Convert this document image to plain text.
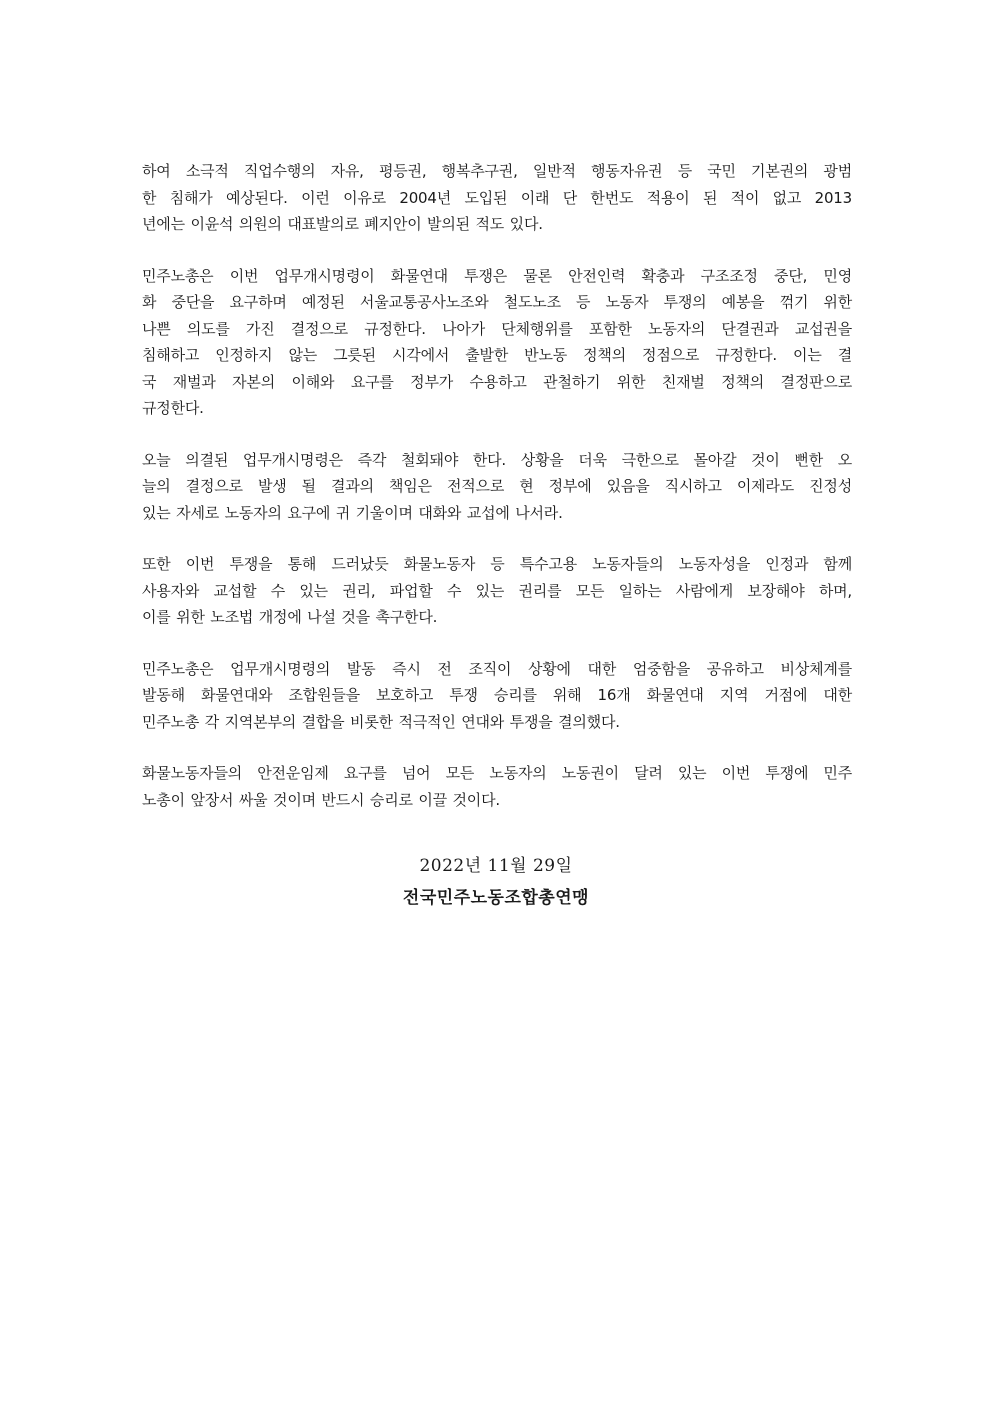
하여 소극적 직업수행의 자유, 평등권, 행복추구권, 일반적 행동자유권 등 국민 기본권의 광범
한 침해가 예상된다. 이런 이유로 2004년 도입된 이래 단 한번도 적용이 된 적이 없고 2013
년에는 이윤석 의원의 대표발의로 폐지안이 발의된 적도 있다.

민주노총은 이번 업무개시명령이 화물연대 투쟁은 물론 안전인력 확충과 구조조정 중단, 민영
화 중단을 요구하며 예정된 서울교통공사노조와 철도노조 등 노동자 투쟁의 예봉을 꺾기 위한
나쁜 의도를 가진 결정으로 규정한다. 나아가 단체행위를 포함한 노동자의 단결권과 교섭권을
침해하고 인정하지 않는 그릇된 시각에서 출발한 반노동 정책의 정점으로 규정한다. 이는 결
국 재벌과 자본의 이해와 요구를 정부가 수용하고 관철하기 위한 친재벌 정책의 결정판으로
규정한다.

오늘 의결된 업무개시명령은 즉각 철회돼야 한다. 상황을 더욱 극한으로 몰아갈 것이 뻔한 오
늘의 결정으로 발생 될 결과의 책임은 전적으로 현 정부에 있음을 직시하고 이제라도 진정성
있는 자세로 노동자의 요구에 귀 기울이며 대화와 교섭에 나서라.

또한 이번 투쟁을 통해 드러났듯 화물노동자 등 특수고용 노동자들의 노동자성을 인정과 함께
사용자와 교섭할 수 있는 권리, 파업할 수 있는 권리를 모든 일하는 사람에게 보장해야 하며,
이를 위한 노조법 개정에 나설 것을 촉구한다.

민주노총은 업무개시명령의 발동 즉시 전 조직이 상황에 대한 엄중함을 공유하고 비상체계를
발동해 화물연대와 조합원들을 보호하고 투쟁 승리를 위해 16개 화물연대 지역 거점에 대한
민주노총 각 지역본부의 결합을 비롯한 적극적인 연대와 투쟁을 결의했다.

화물노동자들의 안전운임제 요구를 넘어 모든 노동자의 노동권이 달려 있는 이번 투쟁에 민주
노총이 앞장서 싸울 것이며 반드시 승리로 이끌 것이다.

2022년 11월 29일
전국민주노동조합총연맹
